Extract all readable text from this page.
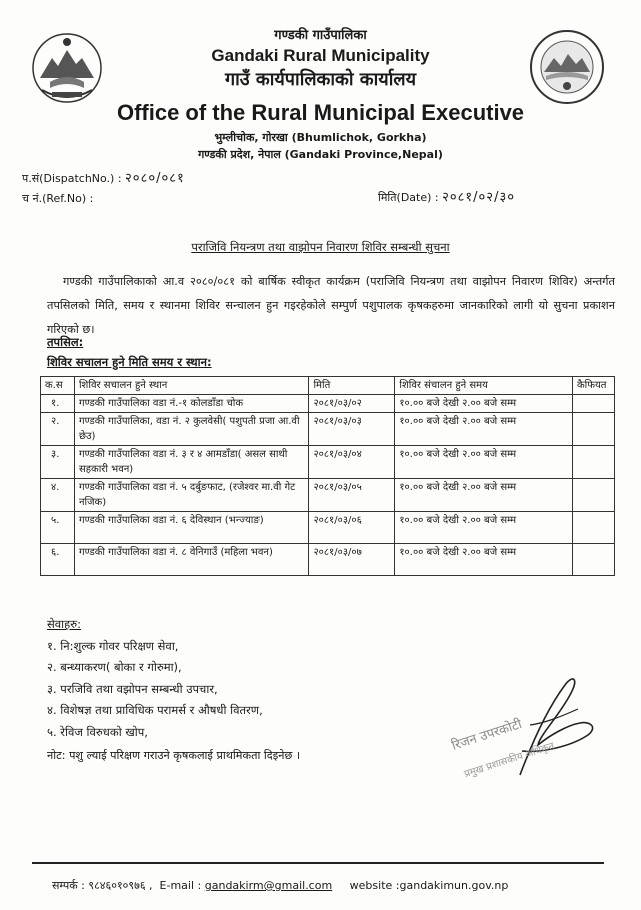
गण्डकी गाउँपालिका
Gandaki Rural Municipality
गाउँ कार्यपालिकाको कार्यालय
Office of the Rural Municipal Executive
भुम्लीचोक, गोरखा (Bhumlichok, Gorkha)
गण्डकी प्रदेश, नेपाल (Gandaki Province,Nepal)
प.सं(DispatchNo.) : २०८०/०८१
च नं.(Ref.No) :	मिति(Date) : २०८१/०२/३०
पराजिवि नियन्त्रण तथा वाझोपन निवारण शिविर सम्बन्धी सुचना
गण्डकी गाउँपालिकाको आ.व २०८०/०८१ को बार्षिक स्वीकृत कार्यक्रम (पराजिवि नियन्त्रण तथा वाझोपन निवारण शिविर) अन्तर्गत तपसिलको मिति, समय र स्थानमा शिविर सन्चालन हुन गइरहेकोले सम्पुर्ण पशुपालक कृषकहरुमा जानकारिको लागी यो सुचना प्रकाशन गरिएको छ।
तपसिल:
शिविर सचालन हुने मिति समय र स्थान:
क.स	शिविर सचालन हुने स्थान	मिति	शिविर संचालन हुने समय	कैफियत
१.	गण्डकी गाउँपालिका वडा नं.-१ कोलडाँडा चोक	२०८१/०३/०२	१०.०० बजे देखी २.०० बजे सम्म	
२.	गण्डकी गाउँपालिका, वडा नं. २ कुलवेसी( पशुपती प्रजा आ.वी छेउ)	२०८१/०३/०३	१०.०० बजे देखी २.०० बजे सम्म	
३.	गण्डकी गाउँपालिका वडा नं. ३ र ४ आमडाँडा( असल साथी सहकारी भवन)	२०८१/०३/०४	१०.०० बजे देखी २.०० बजे सम्म	
४.	गण्डकी गाउँपालिका वडा नं. ५ दर्बुङफाट, (रजेश्वर मा.वी गेट नजिक)	२०८१/०३/०५	१०.०० बजे देखी २.०० बजे सम्म	
५.	गण्डकी गाउँपालिका वडा नं. ६ देविस्थान (भन्ज्याङ)	२०८१/०३/०६	१०.०० बजे देखी २.०० बजे सम्म	
६.	गण्डकी गाउँपालिका वडा नं. ८ वेनिगाउँ (महिला भवन)	२०८१/०३/०७	१०.०० बजे देखी २.०० बजे सम्म	
सेवाहरु:
१. नि:शुल्क गोवर परिक्षण सेवा,
२. बन्ध्याकरण( बोका र गोरुमा),
३. परजिवि तथा वझोपन सम्बन्धी उपचार,
४. विशेषज्ञ तथा प्राविधिक परामर्स र औषधी वितरण,
५. रेविज विरुधको खोप,
नोट: पशु ल्याई परिक्षण गराउने कृषकलाई प्राथमिकता दिइनेछ ।
रिजन उपरकोटी
प्रमुख प्रशासकीय अधिकृत
सम्पर्क : ९८४६०१०९७६ , E-mail : gandakirm@gmail.com website :gandakimun.gov.np
